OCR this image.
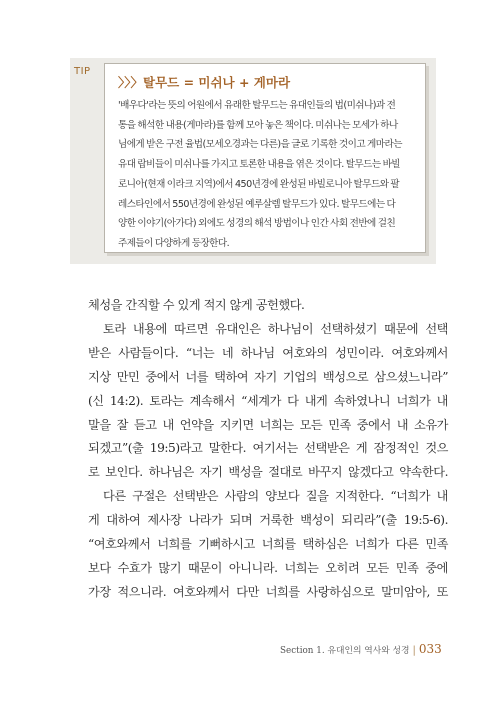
TIP
〉〉〉탈무드 = 미쉬나 + 게마라
'배우다'라는 뜻의 어원에서 유래한 탈무드는 유대인들의 법(미쉬나)과 전
통을 해석한 내용(게마라)를 함께 모아 놓은 책이다. 미쉬나는 모세가 하나
님에게 받은 구전 율법(모세오경과는 다른)을 글로 기록한 것이고 게마라는
유대 랍비들이 미쉬나를 가지고 토론한 내용을 엮은 것이다. 탈무드는 바빌
로니아(현재 이라크 지역)에서 450년경에 완성된 바빌로니아 탈무드와 팔
레스타인에서 550년경에 완성된 예루살렘 탈무드가 있다. 탈무드에는 다
양한 이야기(아가다) 외에도 성경의 해석 방법이나 인간 사회 전반에 걸친
주제들이 다양하게 등장한다.
체성을 간직할 수 있게 적지 않게 공헌했다.
토라 내용에 따르면 유대인은 하나님이 선택하셨기 때문에 선택
받은 사람들이다. “너는 네 하나님 여호와의 성민이라. 여호와께서
지상 만민 중에서 너를 택하여 자기 기업의 백성으로 삼으셨느니라”
(신 14:2). 토라는 계속해서 “세계가 다 내게 속하였나니 너희가 내
말을 잘 듣고 내 언약을 지키면 너희는 모든 민족 중에서 내 소유가
되겠고”(출 19:5)라고 말한다. 여기서는 선택받은 게 잠정적인 것으
로 보인다. 하나님은 자기 백성을 절대로 바꾸지 않겠다고 약속한다.
다른 구절은 선택받은 사람의 양보다 질을 지적한다. “너희가 내
게 대하여 제사장 나라가 되며 거룩한 백성이 되리라”(출 19:5-6).
“여호와께서 너희를 기뻐하시고 너희를 택하심은 너희가 다른 민족
보다 수효가 많기 때문이 아니니라. 너희는 오히려 모든 민족 중에
가장 적으니라. 여호와께서 다만 너희를 사랑하심으로 말미암아, 또
Section 1. 유대인의 역사와 성경 | 033
